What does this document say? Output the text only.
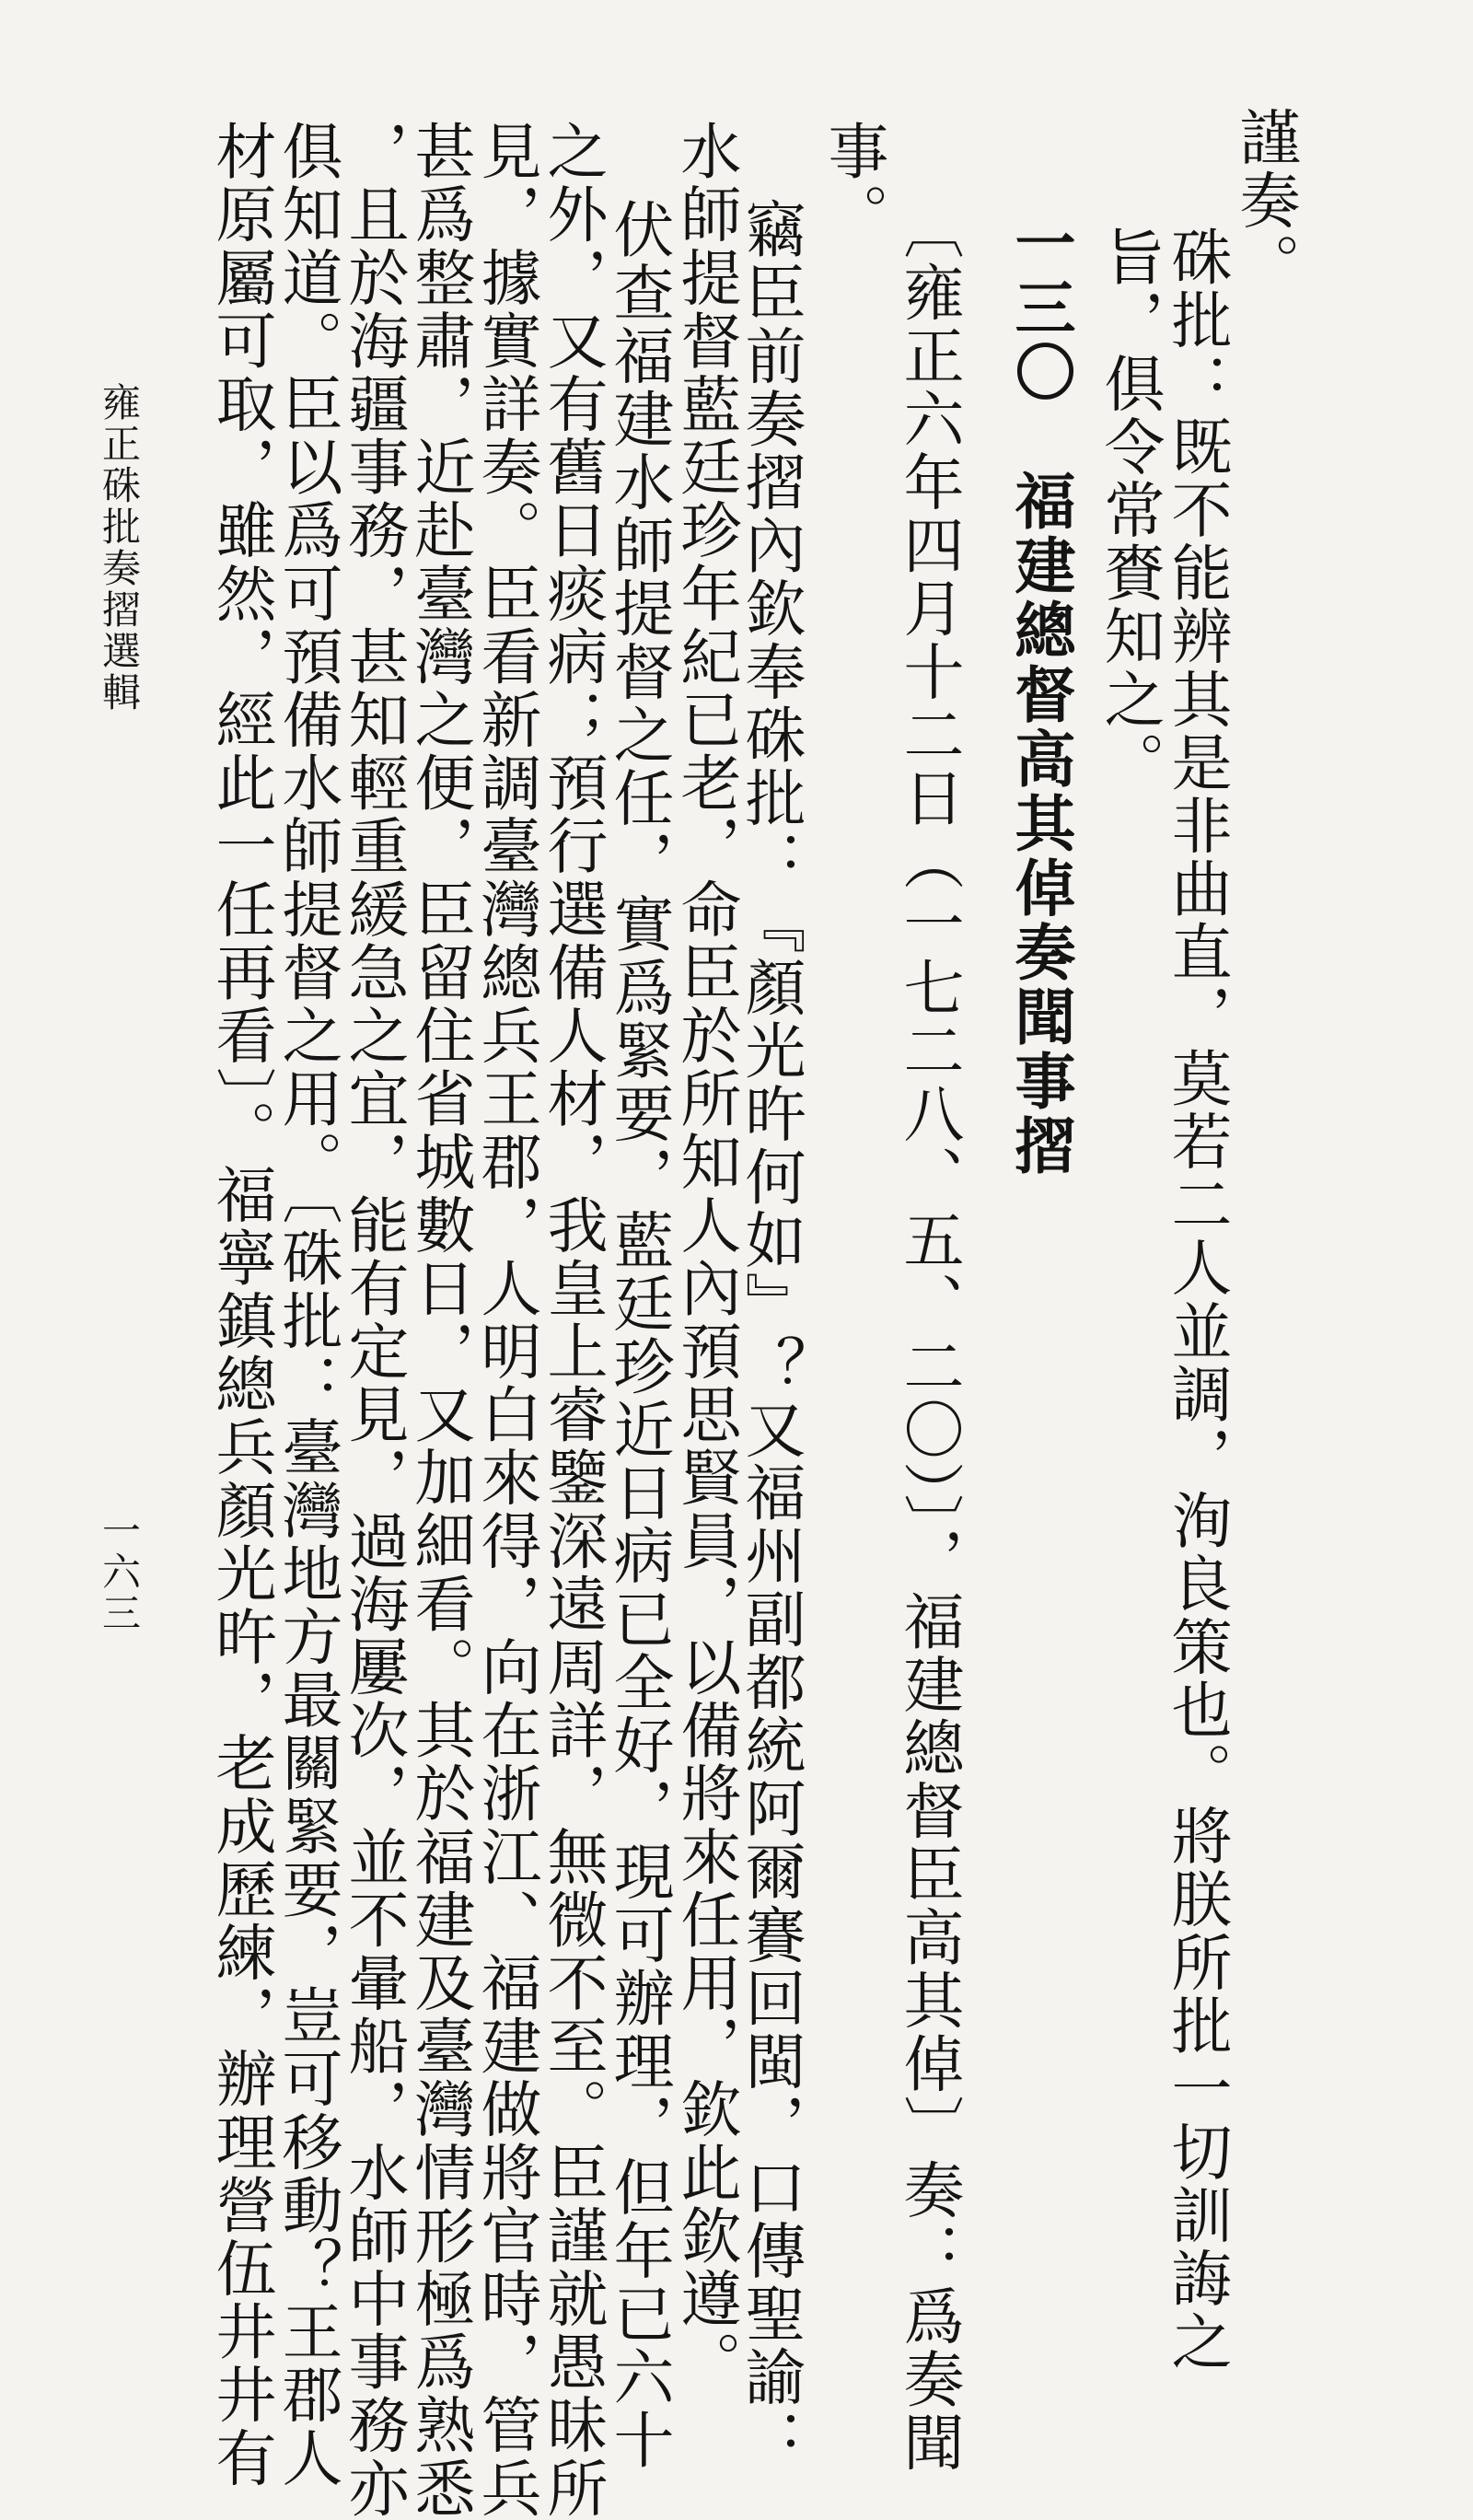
謹奏。
硃批：既不能辨其是非曲直，莫若二人並調，洵良策也。將朕所批一切訓誨之
旨，俱令常賚知之。
一三〇　福建總督高其倬奏聞事摺
〔雍正六年四月十二日（一七二八、五、二〇）〕，福建總督臣高其倬〕奏：爲奏聞
事。
竊臣前奏摺內欽奉硃批：『顏光旿何如』？又福州副都統阿爾賽回閩，口傳聖諭：
水師提督藍廷珍年紀已老，命臣於所知人內預思賢員，以備將來任用，欽此欽遵。
伏查福建水師提督之任，實爲緊要，藍廷珍近日病已全好，現可辦理，但年已六十
之外，又有舊日痰病；預行選備人材，我皇上睿鑒深遠周詳，無微不至。臣謹就愚昧所
見，據實詳奏。臣看新調臺灣總兵王郡，人明白來得，向在浙江、福建做將官時，管兵
甚爲整肅，近赴臺灣之便，臣留住省城數日，又加細看。其於福建及臺灣情形極爲熟悉
，且於海疆事務，甚知輕重緩急之宜，能有定見，過海屢次，並不暈船，水師中事務亦
俱知道。臣以爲可預備水師提督之用。〔硃批：臺灣地方最關緊要，豈可移動？王郡人
材原屬可取，雖然，經此一任再看〕。福寧鎮總兵顏光旿，老成歷練，辦理營伍井井有
雍正硃批奏摺選輯
一六三
